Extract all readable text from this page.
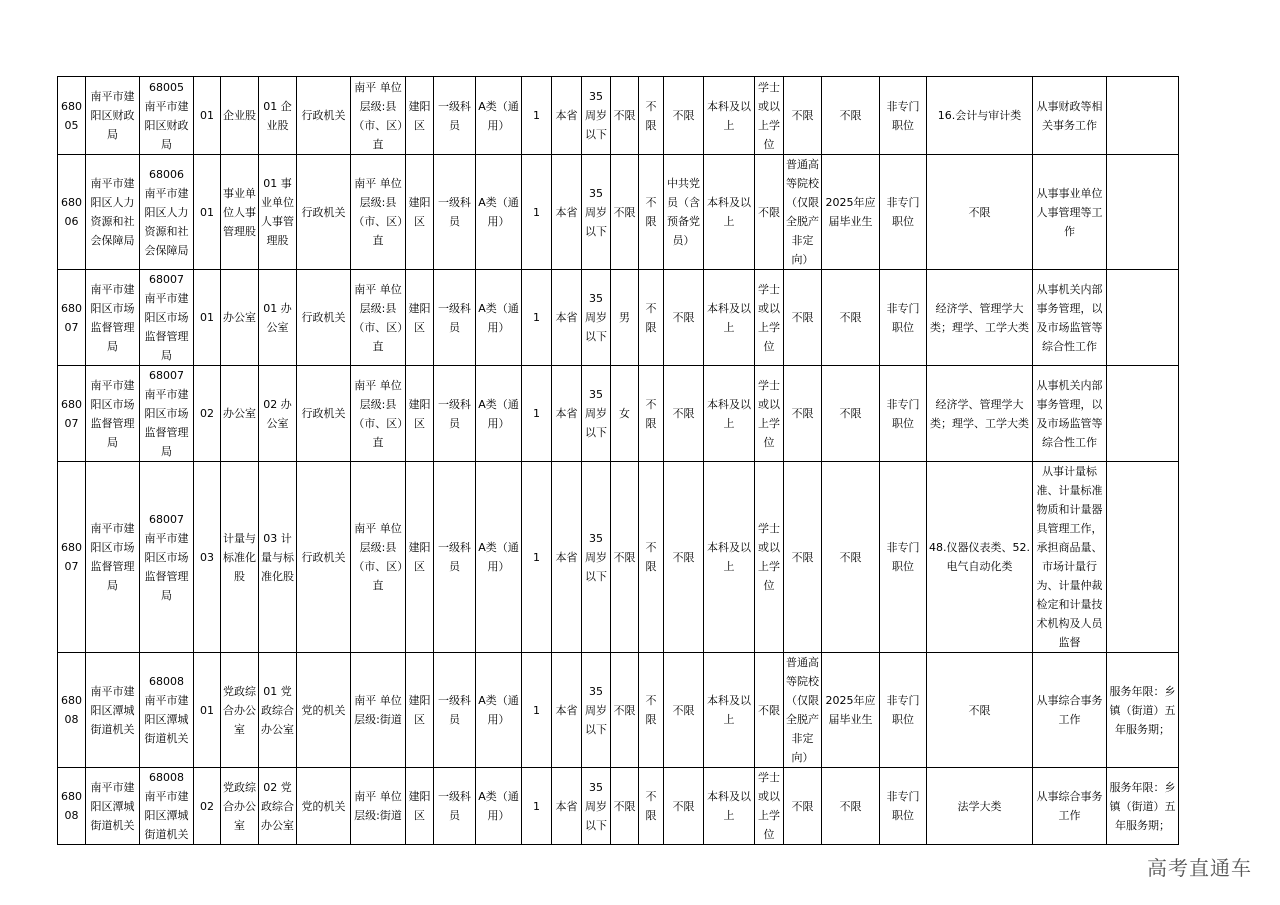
68005	南平市建阳区财政局	68005 南平市建阳区财政局	01	企业股	01 企业股	行政机关	南平 单位层级:县（市、区）直	建阳区	一级科员	A类（通用）	1	本省	35周岁以下	不限	不限	不限	本科及以上	学士或以上学位	不限	不限	非专门职位	16.会计与审计类	从事财政等相关事务工作	
68006	南平市建阳区人力资源和社会保障局	68006 南平市建阳区人力资源和社会保障局	01	事业单位人事管理股	01 事业单位人事管理股	行政机关	南平 单位层级:县（市、区）直	建阳区	一级科员	A类（通用）	1	本省	35周岁以下	不限	不限	中共党员（含预备党员）	本科及以上	不限	普通高等院校（仅限全脱产非定向）	2025年应届毕业生	非专门职位	不限	从事事业单位人事管理等工作	
68007	南平市建阳区市场监督管理局	68007 南平市建阳区市场监督管理局	01	办公室	01 办公室	行政机关	南平 单位层级:县（市、区）直	建阳区	一级科员	A类（通用）	1	本省	35周岁以下	男	不限	不限	本科及以上	学士或以上学位	不限	不限	非专门职位	经济学、管理学大类；理学、工学大类	从事机关内部事务管理，以及市场监管等综合性工作	
68007	南平市建阳区市场监督管理局	68007 南平市建阳区市场监督管理局	02	办公室	02 办公室	行政机关	南平 单位层级:县（市、区）直	建阳区	一级科员	A类（通用）	1	本省	35周岁以下	女	不限	不限	本科及以上	学士或以上学位	不限	不限	非专门职位	经济学、管理学大类；理学、工学大类	从事机关内部事务管理，以及市场监管等综合性工作	
68007	南平市建阳区市场监督管理局	68007 南平市建阳区市场监督管理局	03	计量与标准化股	03 计量与标准化股	行政机关	南平 单位层级:县（市、区）直	建阳区	一级科员	A类（通用）	1	本省	35周岁以下	不限	不限	不限	本科及以上	学士或以上学位	不限	不限	非专门职位	48.仪器仪表类、52.电气自动化类	从事计量标准、计量标准物质和计量器具管理工作，承担商品量、市场计量行为、计量仲裁检定和计量技术机构及人员监督	
68008	南平市建阳区潭城街道机关	68008 南平市建阳区潭城街道机关	01	党政综合办公室	01 党政综合办公室	党的机关	南平 单位层级:街道	建阳区	一级科员	A类（通用）	1	本省	35周岁以下	不限	不限	不限	本科及以上	不限	普通高等院校（仅限全脱产非定向）	2025年应届毕业生	非专门职位	不限	从事综合事务工作	服务年限：乡镇（街道）五年服务期；
68008	南平市建阳区潭城街道机关	68008 南平市建阳区潭城街道机关	02	党政综合办公室	02 党政综合办公室	党的机关	南平 单位层级:街道	建阳区	一级科员	A类（通用）	1	本省	35周岁以下	不限	不限	不限	本科及以上	学士或以上学位	不限	不限	非专门职位	法学大类	从事综合事务工作	服务年限：乡镇（街道）五年服务期；
高考直通车
